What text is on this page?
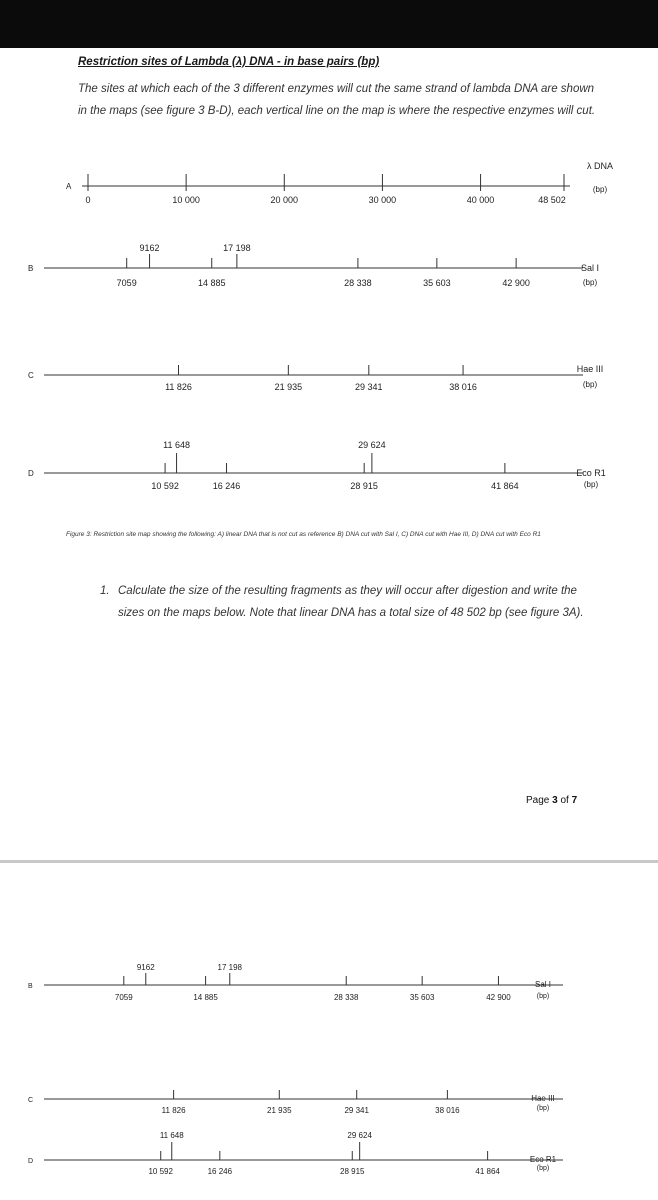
Restriction sites of Lambda (λ) DNA - in base pairs (bp)
The sites at which each of the 3 different enzymes will cut the same strand of lambda DNA are shown in the maps (see figure 3 B-D), each vertical line on the map is where the respective enzymes will cut.
A
0	10 000	20 000	30 000	40 000	48 502
λ DNA
(bp)
B
7059	14 885	28 338	35 603	42 900
9162	17 198
Sal I
(bp)
C
11 826	21 935	29 341	38 016
Hae III
(bp)
D
10 592	16 246	28 915	41 864
11 648	29 624
Eco R1
(bp)
B
7059	14 885	28 338	35 603	42 900
9162	17 198
Sal I
(bp)
C
11 826	21 935	29 341	38 016
Hae III
(bp)
D
10 592	16 246	28 915	41 864
11 648	29 624
Eco R1
(bp)
Figure 3: Restriction site map showing the following: A) linear DNA that is not cut as reference B) DNA cut with Sal I, C) DNA cut with Hae III, D) DNA cut with Eco R1
1. Calculate the size of the resulting fragments as they will occur after digestion and write the sizes on the maps below. Note that linear DNA has a total size of 48 502 bp (see figure 3A).
Page 3 of 7
